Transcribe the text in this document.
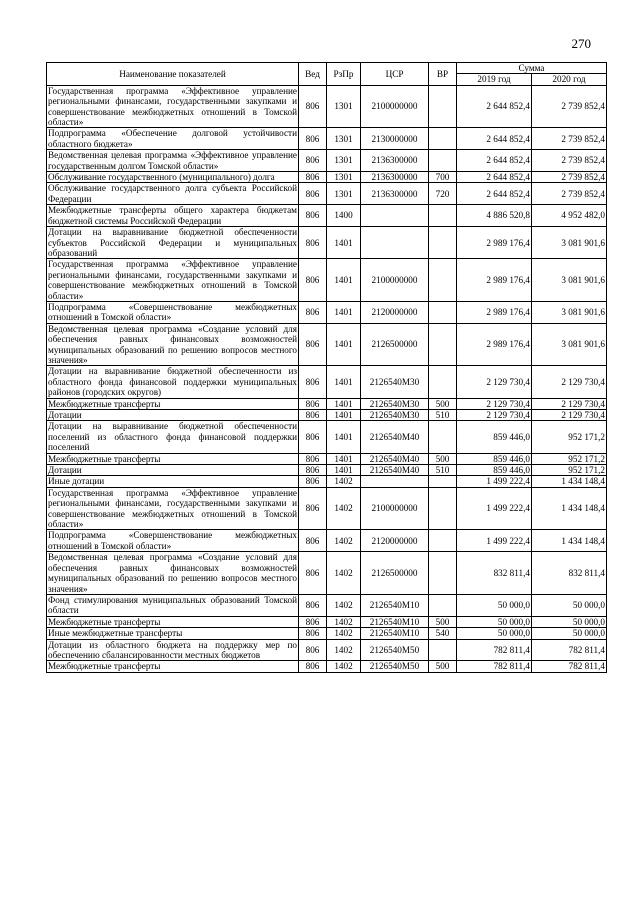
270
Наименование показателей	Вед	РзПр	ЦСР	ВР	Сумма	
					2019 год	2020 год
Государственная программа «Эффективное управление региональными финансами, государственными закупками и совершенствование межбюджетных отношений в Томской области»	806	1301	2100000000		2 644 852,4	2 739 852,4
Подпрограмма «Обеспечение долговой устойчивости областного бюджета»	806	1301	2130000000		2 644 852,4	2 739 852,4
Ведомственная целевая программа «Эффективное управление государственным долгом Томской области»	806	1301	2136300000		2 644 852,4	2 739 852,4
Обслуживание государственного (муниципального) долга	806	1301	2136300000	700	2 644 852,4	2 739 852,4
Обслуживание государственного долга субъекта Российской Федерации	806	1301	2136300000	720	2 644 852,4	2 739 852,4
Межбюджетные трансферты общего характера бюджетам бюджетной системы Российской Федерации	806	1400			4 886 520,8	4 952 482,0
Дотации на выравнивание бюджетной обеспеченности субъектов Российской Федерации и муниципальных образований	806	1401			2 989 176,4	3 081 901,6
Государственная программа «Эффективное управление региональными финансами, государственными закупками и совершенствование межбюджетных отношений в Томской области»	806	1401	2100000000		2 989 176,4	3 081 901,6
Подпрограмма «Совершенствование межбюджетных отношений в Томской области»	806	1401	2120000000		2 989 176,4	3 081 901,6
Ведомственная целевая программа «Создание условий для обеспечения равных финансовых возможностей муниципальных образований по решению вопросов местного значения»	806	1401	2126500000		2 989 176,4	3 081 901,6
Дотации на выравнивание бюджетной обеспеченности из областного фонда финансовой поддержки муниципальных районов (городских округов)	806	1401	2126540М30		2 129 730,4	2 129 730,4
Межбюджетные трансферты	806	1401	2126540М30	500	2 129 730,4	2 129 730,4
Дотации	806	1401	2126540М30	510	2 129 730,4	2 129 730,4
Дотации на выравнивание бюджетной обеспеченности поселений из областного фонда финансовой поддержки поселений	806	1401	2126540М40		859 446,0	952 171,2
Межбюджетные трансферты	806	1401	2126540М40	500	859 446,0	952 171,2
Дотации	806	1401	2126540М40	510	859 446,0	952 171,2
Иные дотации	806	1402			1 499 222,4	1 434 148,4
Государственная программа «Эффективное управление региональными финансами, государственными закупками и совершенствование межбюджетных отношений в Томской области»	806	1402	2100000000		1 499 222,4	1 434 148,4
Подпрограмма «Совершенствование межбюджетных отношений в Томской области»	806	1402	2120000000		1 499 222,4	1 434 148,4
Ведомственная целевая программа «Создание условий для обеспечения равных финансовых возможностей муниципальных образований по решению вопросов местного значения»	806	1402	2126500000		832 811,4	832 811,4
Фонд стимулирования муниципальных образований Томской области	806	1402	2126540М10		50 000,0	50 000,0
Межбюджетные трансферты	806	1402	2126540М10	500	50 000,0	50 000,0
Иные межбюджетные трансферты	806	1402	2126540М10	540	50 000,0	50 000,0
Дотации из областного бюджета на поддержку мер по обеспечению сбалансированности местных бюджетов	806	1402	2126540М50		782 811,4	782 811,4
Межбюджетные трансферты	806	1402	2126540М50	500	782 811,4	782 811,4
